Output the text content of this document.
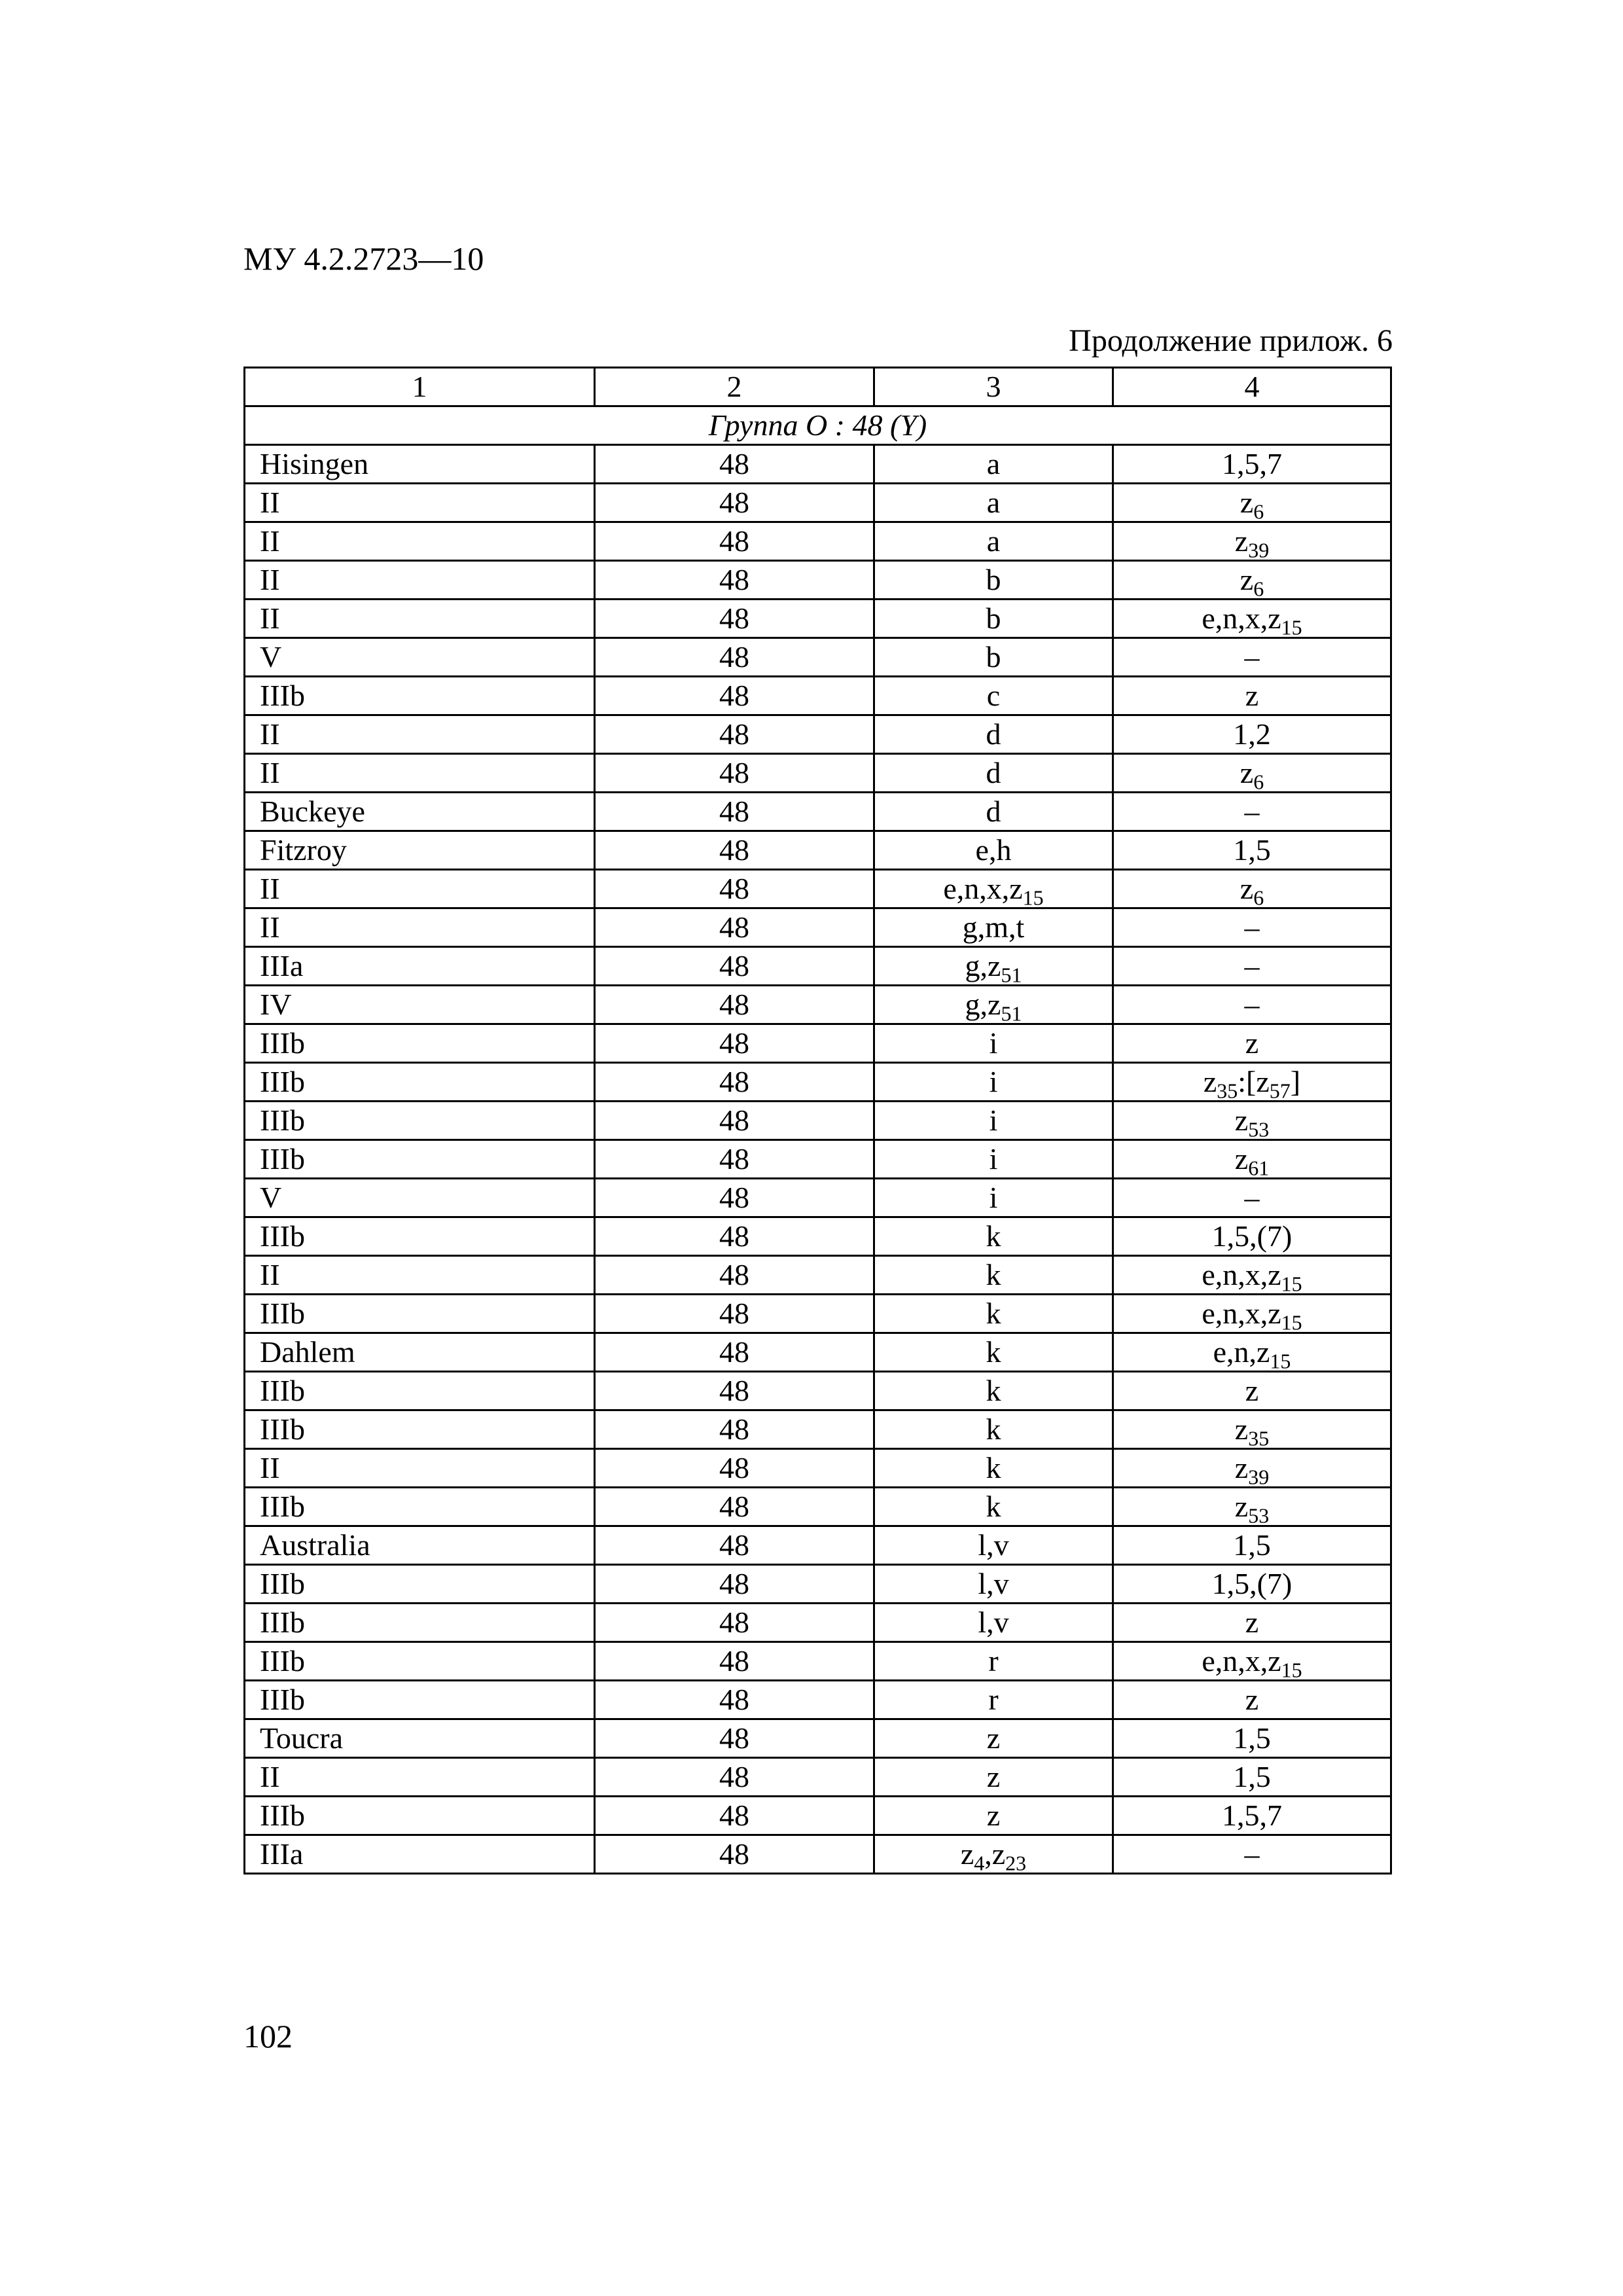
МУ 4.2.2723—10
Продолжение прилож. 6
1	2	3	4
Группа O : 48 (Y)			
Hisingen	48	a	1,5,7
II	48	a	$z_6$
II	48	a	$z_{39}$
II	48	b	$z_6$
II	48	b	$e,n,x,z_{15}$
V	48	b	–
IIIb	48	c	z
II	48	d	1,2
II	48	d	$z_6$
Buckeye	48	d	–
Fitzroy	48	e,h	1,5
II	48	$e,n,x,z_{15}$	$z_6$
II	48	g,m,t	–
IIIa	48	$g,z_{51}$	–
IV	48	$g,z_{51}$	–
IIIb	48	i	z
IIIb	48	i	$z_{35}:[z_{57}]$
IIIb	48	i	$z_{53}$
IIIb	48	i	$z_{61}$
V	48	i	–
IIIb	48	k	1,5,(7)
II	48	k	$e,n,x,z_{15}$
IIIb	48	k	$e,n,x,z_{15}$
Dahlem	48	k	$e,n,z_{15}$
IIIb	48	k	z
IIIb	48	k	$z_{35}$
II	48	k	$z_{39}$
IIIb	48	k	$z_{53}$
Australia	48	l,v	1,5
IIIb	48	l,v	1,5,(7)
IIIb	48	l,v	z
IIIb	48	r	$e,n,x,z_{15}$
IIIb	48	r	z
Toucra	48	z	1,5
II	48	z	1,5
IIIb	48	z	1,5,7
IIIa	48	$z_4,z_{23}$	–
102
